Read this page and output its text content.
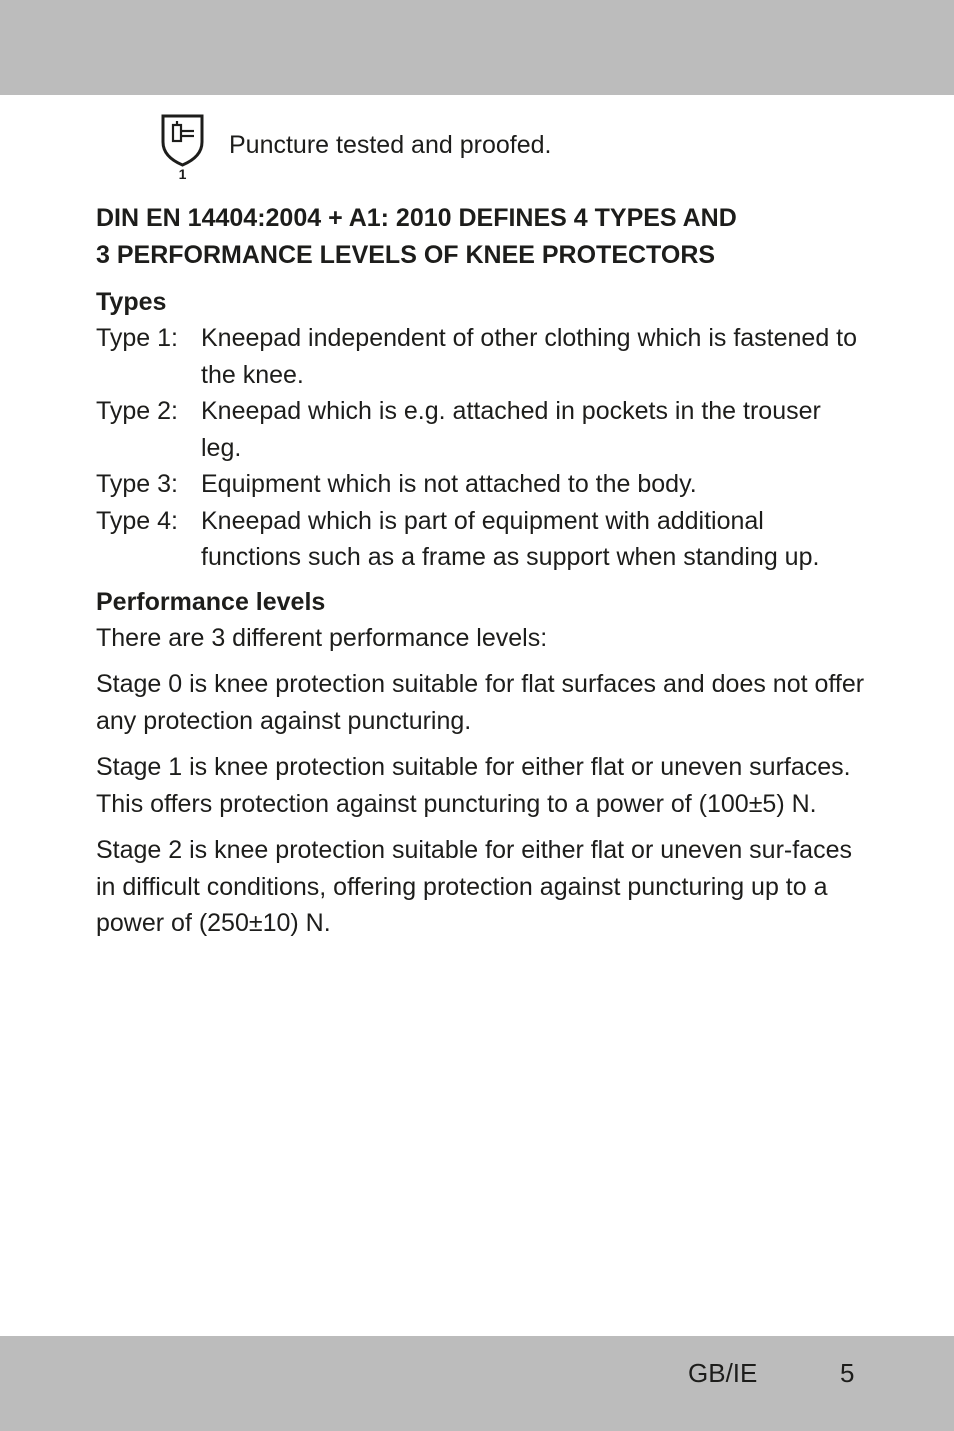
1
Puncture tested and proofed.
DIN EN 14404:2004 + A1: 2010 DEFINES 4 TYPES AND
3 PERFORMANCE LEVELS OF KNEE PROTECTORS
Types
Type 1: Kneepad independent of other clothing which is fastened to the knee.
Type 2: Kneepad which is e.g. attached in pockets in the trouser leg.
Type 3: Equipment which is not attached to the body.
Type 4: Kneepad which is part of equipment with additional functions such as a frame as support when standing up.
Performance levels

There are 3 different performance levels:

Stage 0 is knee protection suitable for flat surfaces and does not offer any protection against puncturing.

Stage 1 is knee protection suitable for either flat or uneven surfaces. This offers protection against puncturing to a power of (100±5) N.

Stage 2 is knee protection suitable for either flat or uneven sur-faces in difficult conditions, offering protection against puncturing up to a power of (250±10) N.

GB/IE	5
